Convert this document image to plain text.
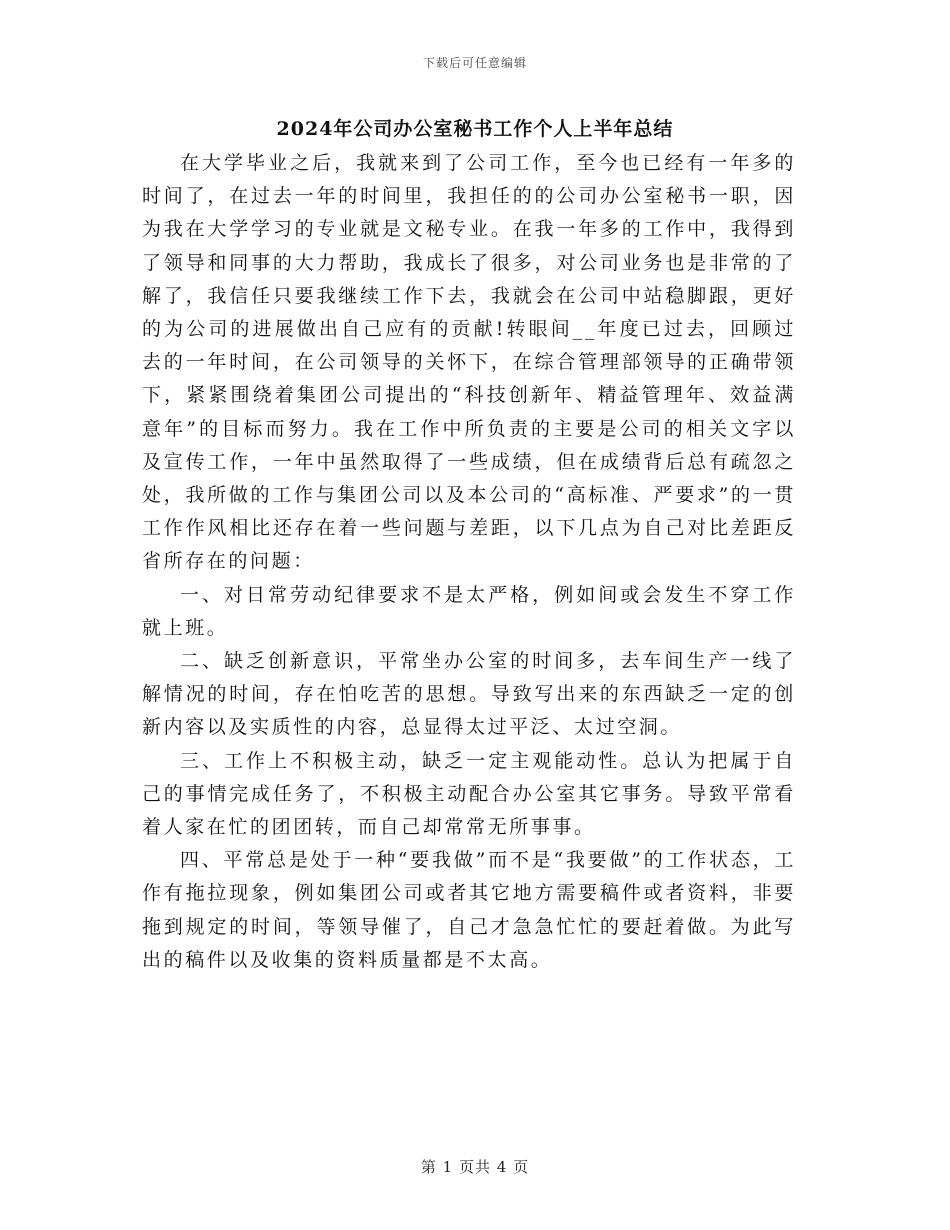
下载后可任意编辑
2024年公司办公室秘书工作个人上半年总结

在大学毕业之后，我就来到了公司工作，至今也已经有一年多的时间了，在过去一年的时间里，我担任的的公司办公室秘书一职，因为我在大学学习的专业就是文秘专业。在我一年多的工作中，我得到了领导和同事的大力帮助，我成长了很多，对公司业务也是非常的了解了，我信任只要我继续工作下去，我就会在公司中站稳脚跟，更好的为公司的进展做出自己应有的贡献!转眼间__年度已过去，回顾过去的一年时间，在公司领导的关怀下，在综合管理部领导的正确带领下，紧紧围绕着集团公司提出的“科技创新年、精益管理年、效益满意年”的目标而努力。我在工作中所负责的主要是公司的相关文字以及宣传工作，一年中虽然取得了一些成绩，但在成绩背后总有疏忽之处，我所做的工作与集团公司以及本公司的“高标准、严要求”的一贯工作作风相比还存在着一些问题与差距，以下几点为自己对比差距反省所存在的问题：

一、对日常劳动纪律要求不是太严格，例如间或会发生不穿工作就上班。

二、缺乏创新意识，平常坐办公室的时间多，去车间生产一线了解情况的时间，存在怕吃苦的思想。导致写出来的东西缺乏一定的创新内容以及实质性的内容，总显得太过平泛、太过空洞。

三、工作上不积极主动，缺乏一定主观能动性。总认为把属于自己的事情完成任务了，不积极主动配合办公室其它事务。导致平常看着人家在忙的团团转，而自己却常常无所事事。

四、平常总是处于一种“要我做”而不是“我要做”的工作状态，工作有拖拉现象，例如集团公司或者其它地方需要稿件或者资料，非要拖到规定的时间，等领导催了，自己才急急忙忙的要赶着做。为此写出的稿件以及收集的资料质量都是不太高。

第 1 页共 4 页
